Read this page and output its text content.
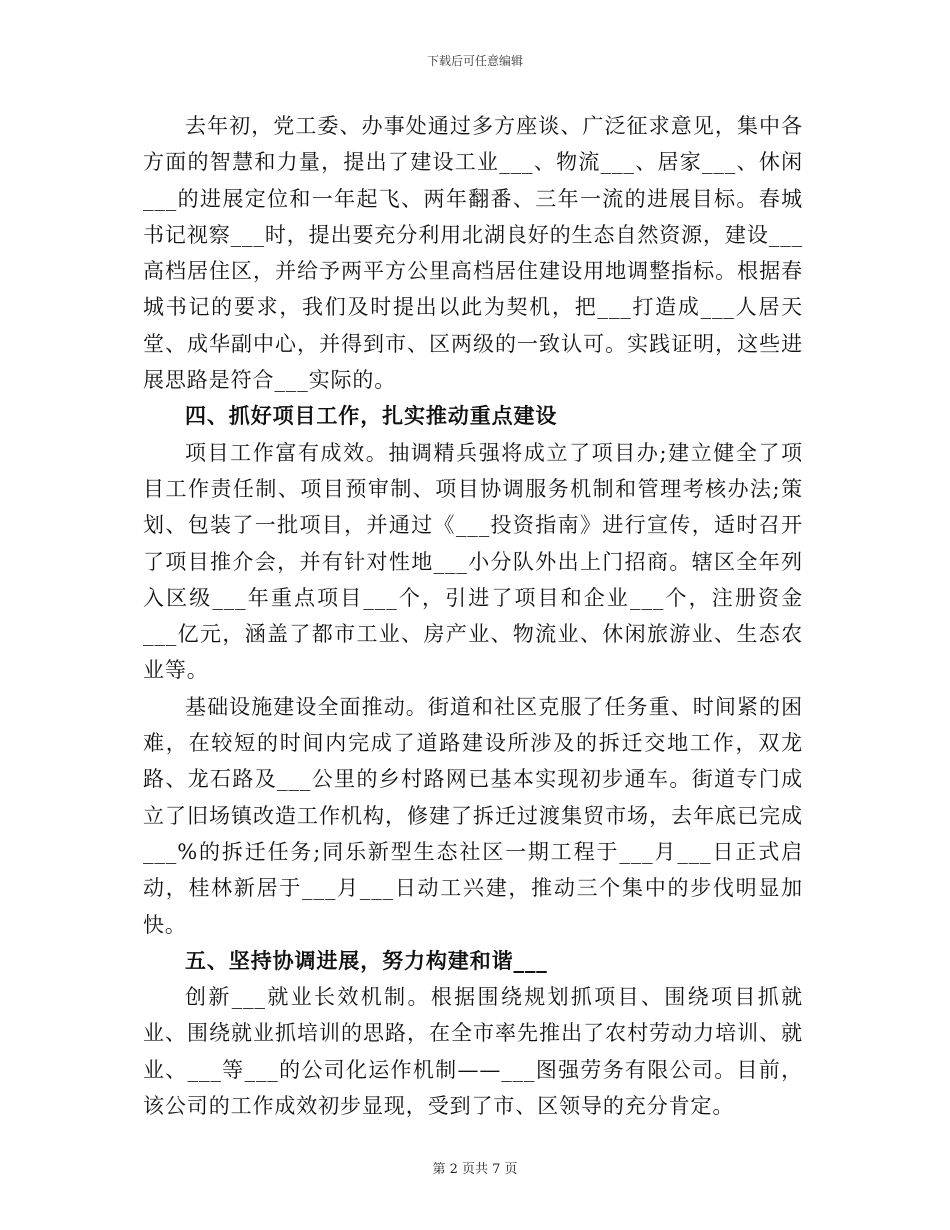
下载后可任意编辑

去年初，党工委、办事处通过多方座谈、广泛征求意见，集中各方面的智慧和力量，提出了建设工业___、物流___、居家___、休闲___的进展定位和一年起飞、两年翻番、三年一流的进展目标。春城书记视察___时，提出要充分利用北湖良好的生态自然资源，建设___高档居住区，并给予两平方公里高档居住建设用地调整指标。根据春城书记的要求，我们及时提出以此为契机，把___打造成___人居天堂、成华副中心，并得到市、区两级的一致认可。实践证明，这些进展思路是符合___实际的。

四、抓好项目工作，扎实推动重点建设

项目工作富有成效。抽调精兵强将成立了项目办;建立健全了项目工作责任制、项目预审制、项目协调服务机制和管理考核办法;策划、包装了一批项目，并通过《___投资指南》进行宣传，适时召开了项目推介会，并有针对性地___小分队外出上门招商。辖区全年列入区级___年重点项目___个，引进了项目和企业___个，注册资金___亿元，涵盖了都市工业、房产业、物流业、休闲旅游业、生态农业等。

基础设施建设全面推动。街道和社区克服了任务重、时间紧的困难，在较短的时间内完成了道路建设所涉及的拆迁交地工作，双龙路、龙石路及___公里的乡村路网已基本实现初步通车。街道专门成立了旧场镇改造工作机构，修建了拆迁过渡集贸市场，去年底已完成___%的拆迁任务;同乐新型生态社区一期工程于___月___日正式启动，桂林新居于___月___日动工兴建，推动三个集中的步伐明显加快。

五、坚持协调进展，努力构建和谐___

创新___就业长效机制。根据围绕规划抓项目、围绕项目抓就业、围绕就业抓培训的思路，在全市率先推出了农村劳动力培训、就业、___等___的公司化运作机制——___图强劳务有限公司。目前，该公司的工作成效初步显现，受到了市、区领导的充分肯定。

第 2 页共 7 页
